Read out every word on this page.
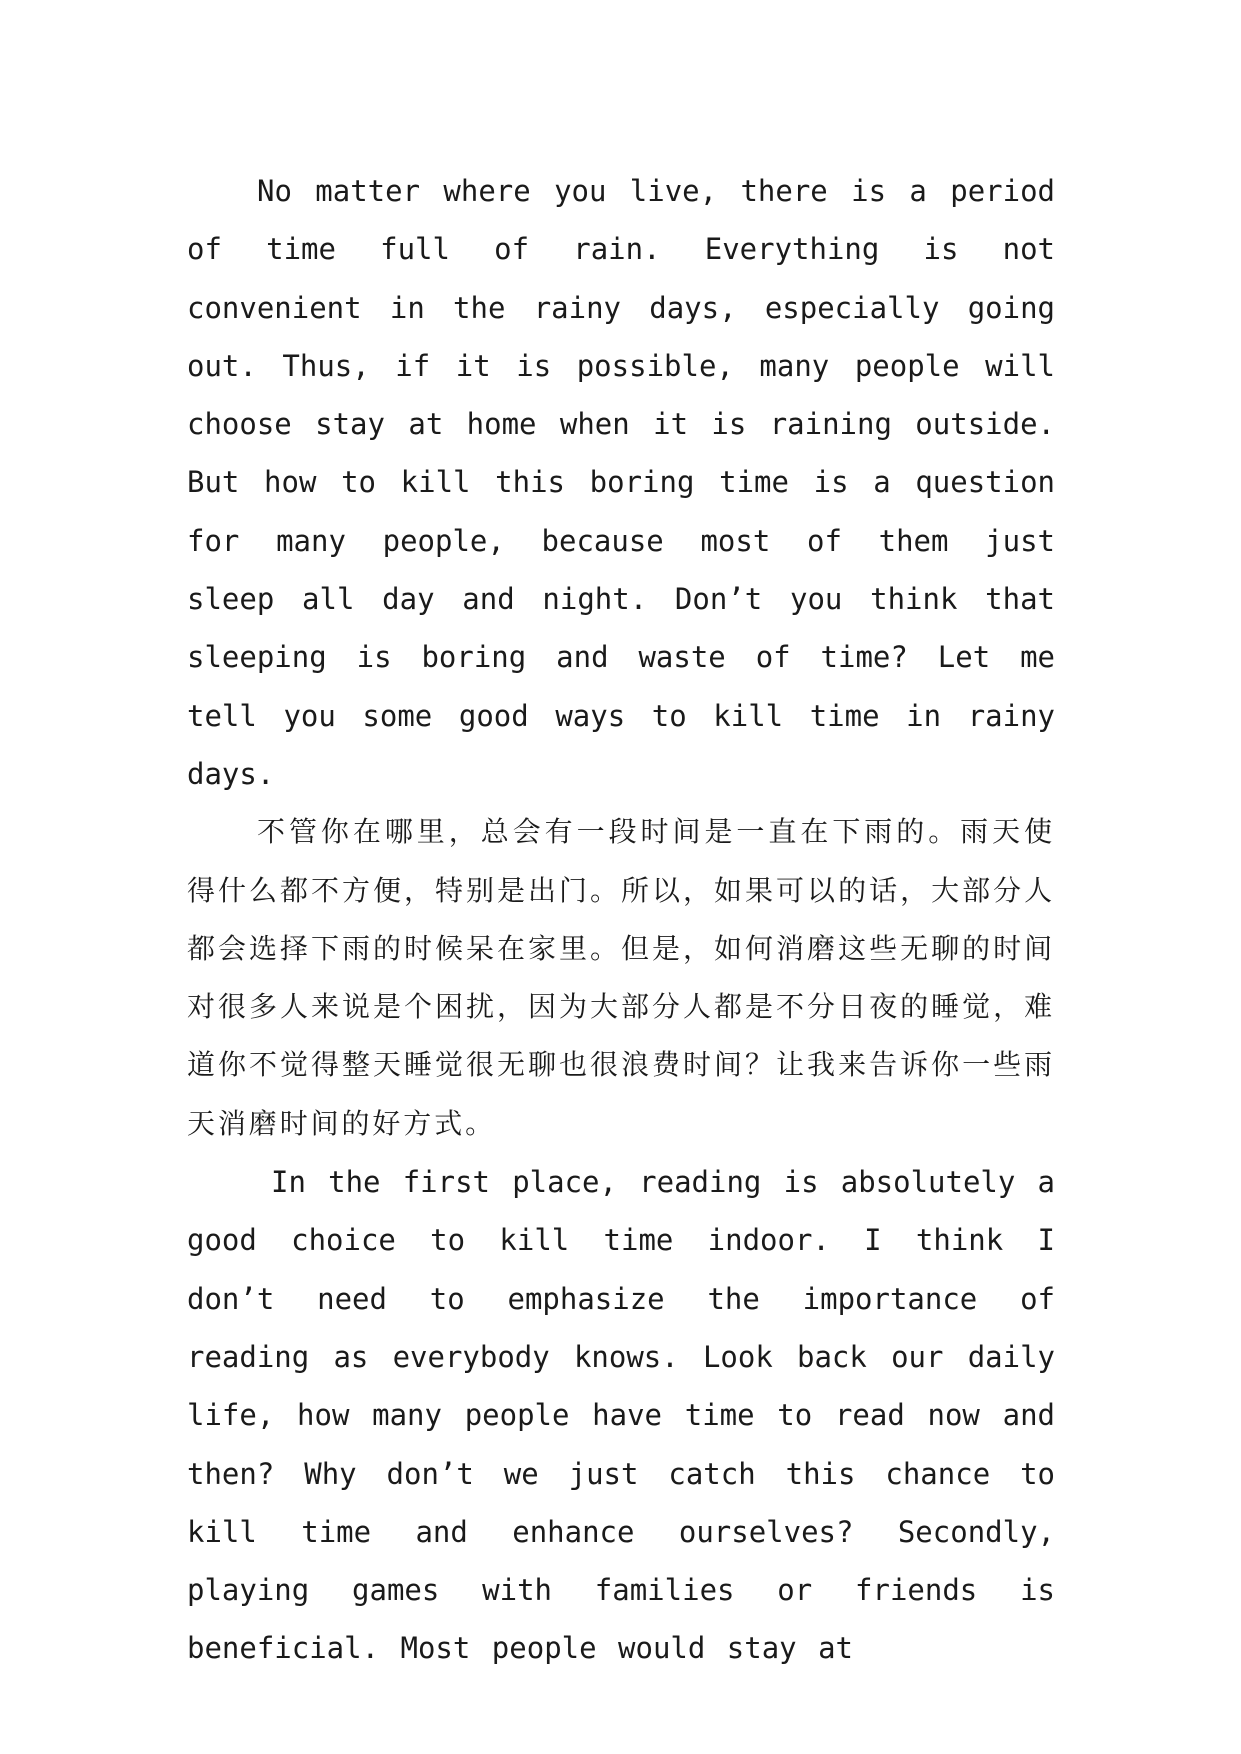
No matter where you live, there is a period of time full of rain. Everything is not convenient in the rainy days, especially going out. Thus, if it is possible, many people will choose stay at home when it is raining outside. But how to kill this boring time is a question for many people, because most of them just sleep all day and night. Don’t you think that sleeping is boring and waste of time? Let me tell you some good ways to kill time in rainy days.

不管你在哪里，总会有一段时间是一直在下雨的。雨天使得什么都不方便，特别是出门。所以，如果可以的话，大部分人都会选择下雨的时候呆在家里。但是，如何消磨这些无聊的时间对很多人来说是个困扰，因为大部分人都是不分日夜的睡觉，难道你不觉得整天睡觉很无聊也很浪费时间？让我来告诉你一些雨天消磨时间的好方式。

In the first place, reading is absolutely a good choice to kill time indoor. I think I don’t need to emphasize the importance of reading as everybody knows. Look back our daily life, how many people have time to read now and then? Why don’t we just catch this chance to kill time and enhance ourselves? Secondly, playing games with families or friends is beneficial. Most people would stay at
